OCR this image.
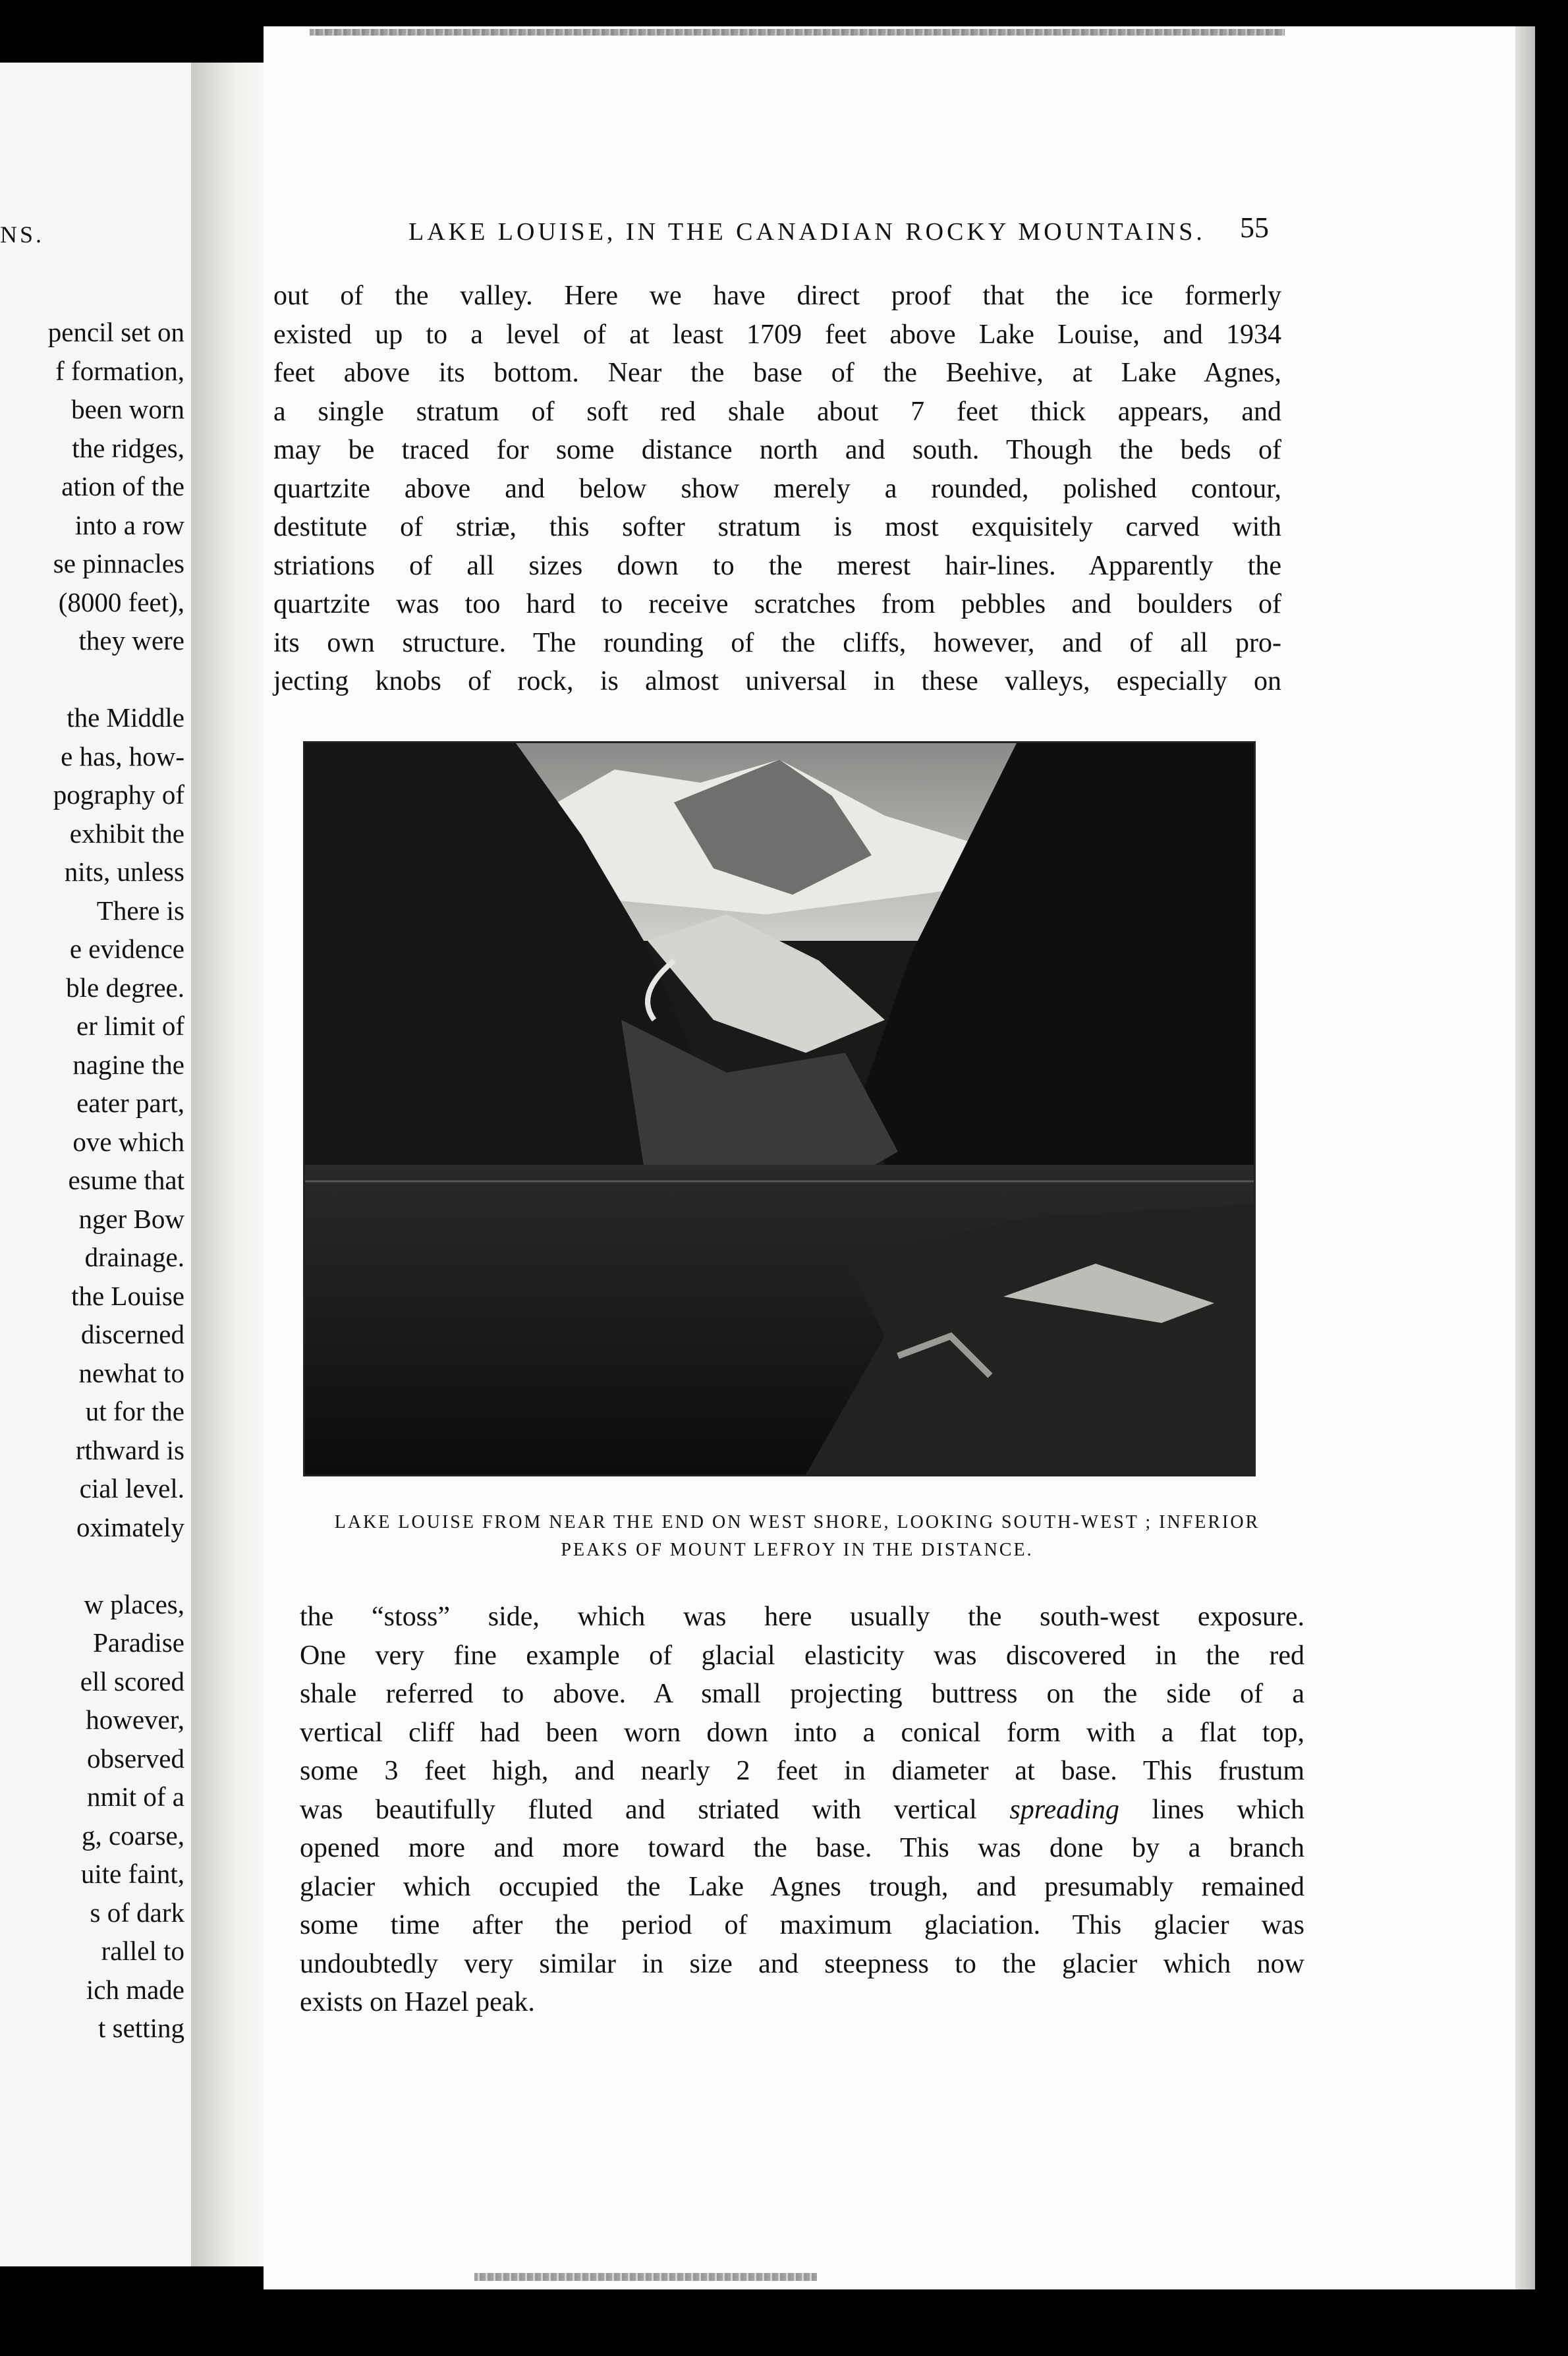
NS.
pencil set on
f formation,
been worn
the ridges,
ation of the
into a row
se pinnacles
(8000 feet),
they were
the Middle
e has, how-
pography of
exhibit the
nits, unless
There is
e evidence
ble degree.
er limit of
nagine the
eater part,
ove which
esume that
nger Bow
drainage.
the Louise
discerned
newhat to
ut for the
rthward is
cial level.
oximately
w places,
Paradise
ell scored
however,
observed
nmit of a
g, coarse,
uite faint,
s of dark
rallel to
ich made
t setting
LAKE LOUISE, IN THE CANADIAN ROCKY MOUNTAINS. 55
out of the valley. Here we have direct proof that the ice formerly
existed up to a level of at least 1709 feet above Lake Louise, and 1934
feet above its bottom. Near the base of the Beehive, at Lake Agnes,
a single stratum of soft red shale about 7 feet thick appears, and
may be traced for some distance north and south. Though the beds of
quartzite above and below show merely a rounded, polished contour,
destitute of striæ, this softer stratum is most exquisitely carved with
striations of all sizes down to the merest hair-lines. Apparently the
quartzite was too hard to receive scratches from pebbles and boulders of
its own structure. The rounding of the cliffs, however, and of all pro-
jecting knobs of rock, is almost universal in these valleys, especially on
LAKE LOUISE FROM NEAR THE END ON WEST SHORE, LOOKING SOUTH-WEST ; INFERIOR
PEAKS OF MOUNT LEFROY IN THE DISTANCE.
the “stoss” side, which was here usually the south-west exposure.
One very fine example of glacial elasticity was discovered in the red
shale referred to above. A small projecting buttress on the side of a
vertical cliff had been worn down into a conical form with a flat top,
some 3 feet high, and nearly 2 feet in diameter at base. This frustum
was beautifully fluted and striated with vertical spreading lines which
opened more and more toward the base. This was done by a branch
glacier which occupied the Lake Agnes trough, and presumably remained
some time after the period of maximum glaciation. This glacier was
undoubtedly very similar in size and steepness to the glacier which now
exists on Hazel peak.
